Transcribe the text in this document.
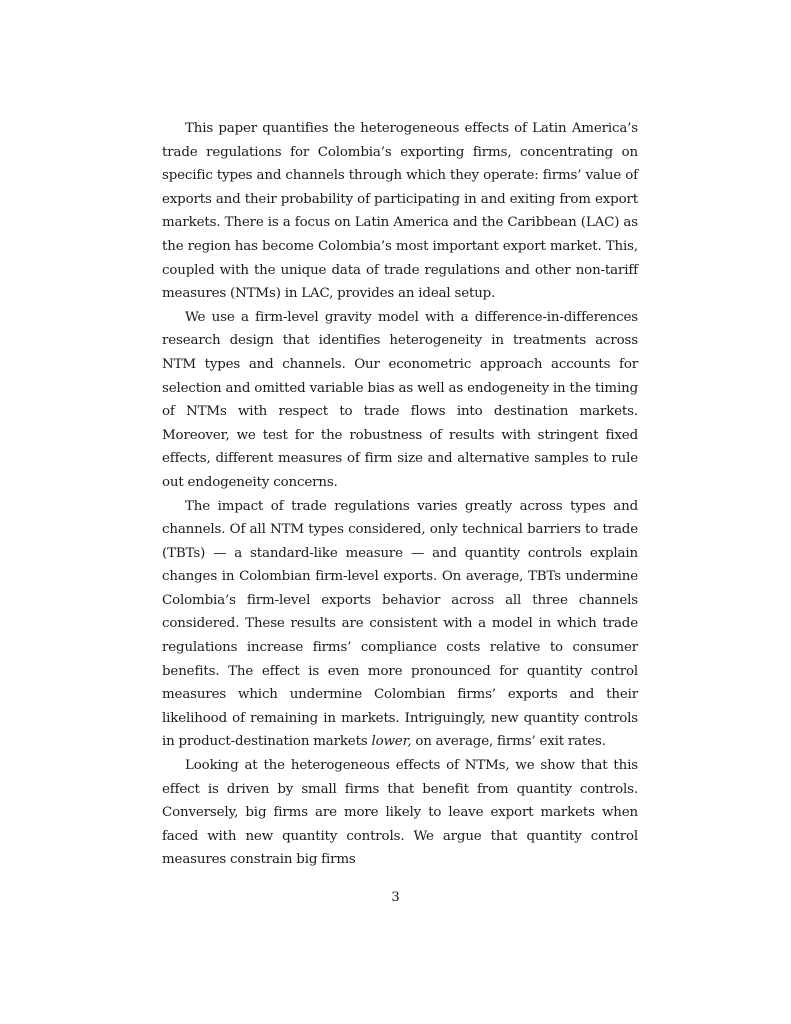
This paper quantifies the heterogeneous effects of Latin America’s trade regulations for Colombia’s exporting firms, concentrating on specific types and channels through which they operate: firms’ value of exports and their probability of participating in and exiting from export markets. There is a focus on Latin America and the Caribbean (LAC) as the region has become Colombia’s most important export market. This, coupled with the unique data of trade regulations and other non-tariff measures (NTMs) in LAC, provides an ideal setup.

We use a firm-level gravity model with a difference-in-differences research design that identifies heterogeneity in treatments across NTM types and channels. Our econometric approach accounts for selection and omitted variable bias as well as endogeneity in the timing of NTMs with respect to trade flows into destination markets. Moreover, we test for the robustness of results with stringent fixed effects, different measures of firm size and alternative samples to rule out endogeneity concerns.

The impact of trade regulations varies greatly across types and channels. Of all NTM types considered, only technical barriers to trade (TBTs) — a standard-like measure — and quantity controls explain changes in Colombian firm-level exports. On average, TBTs undermine Colombia’s firm-level exports behavior across all three channels considered. These results are consistent with a model in which trade regulations increase firms’ compliance costs relative to consumer benefits. The effect is even more pronounced for quantity control measures which undermine Colombian firms’ exports and their likelihood of remaining in markets. Intriguingly, new quantity controls in product-destination markets lower, on average, firms’ exit rates.

Looking at the heterogeneous effects of NTMs, we show that this effect is driven by small firms that benefit from quantity controls. Conversely, big firms are more likely to leave export markets when faced with new quantity controls. We argue that quantity control measures constrain big firms

3
